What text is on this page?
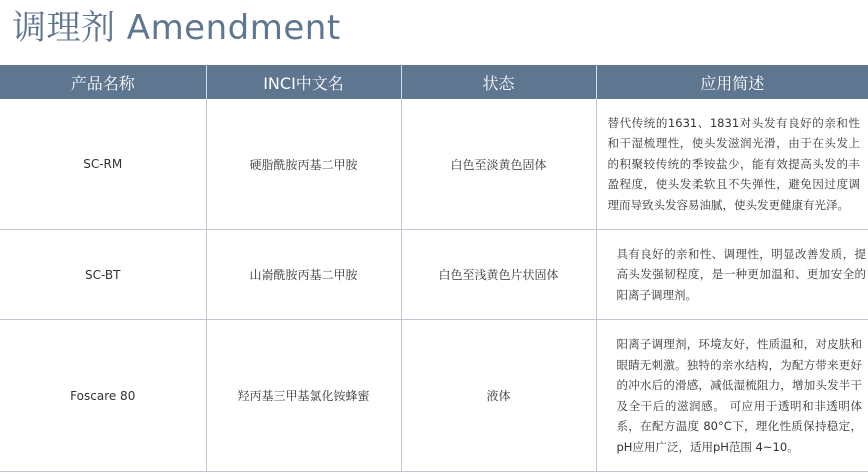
调理剂 Amendment
产品名称	INCI中文名	状态	应用简述
SC-RM	硬脂酰胺丙基二甲胺	白色至淡黄色固体	替代传统的1631、1831对头发有良好的亲和性和干湿梳理性，使头发滋润光滑，由于在头发上的积聚较传统的季铵盐少，能有效提高头发的丰盈程度，使头发柔软且不失弹性，避免因过度调理而导致头发容易油腻，使头发更健康有光泽。

SC-BT	山嵛酰胺丙基二甲胺	白色至浅黄色片状固体	具有良好的亲和性、调理性，明显改善发质，提高头发强韧程度，是一种更加温和、更加安全的阳离子调理剂。

Foscare 80	羟丙基三甲基氯化铵蜂蜜	液体	阳离子调理剂，环境友好，性质温和，对皮肤和眼睛无刺激。独特的亲水结构，为配方带来更好的冲水后的滑感，减低湿梳阻力，增加头发半干及全干后的滋润感。 可应用于透明和非透明体系，在配方温度 80°C下，理化性质保持稳定，pH应用广泛，适用pH范围 4~10。
